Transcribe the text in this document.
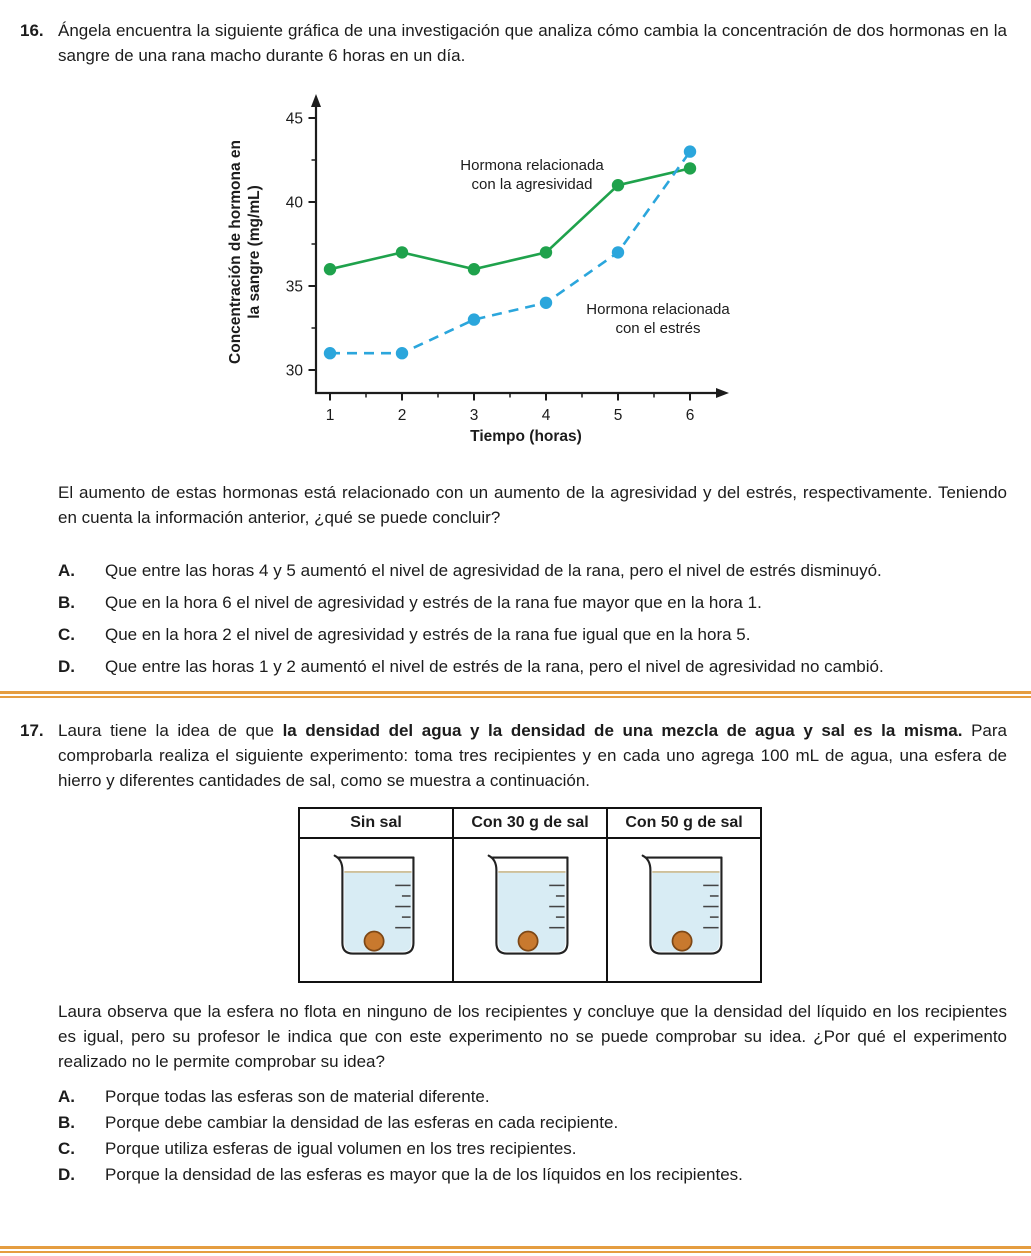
16. Ángela encuentra la siguiente gráfica de una investigación que analiza cómo cambia la concentración de dos hormonas en la sangre de una rana macho durante 6 horas en un día.

30
35
40
45
1	2	3	4	5	6
Hormona relacionada con la agresividad
Hormona relacionada con el estrés
Tiempo (horas)
Concentración de hormona en la sangre (mg/mL)

El aumento de estas hormonas está relacionado con un aumento de la agresividad y del estrés, respectivamente. Teniendo en cuenta la información anterior, ¿qué se puede concluir?

A.	Que entre las horas 4 y 5 aumentó el nivel de agresividad de la rana, pero el nivel de estrés disminuyó.
B.	Que en la hora 6 el nivel de agresividad y estrés de la rana fue mayor que en la hora 1.
C.	Que en la hora 2 el nivel de agresividad y estrés de la rana fue igual que en la hora 5.
D.	Que entre las horas 1 y 2 aumentó el nivel de estrés de la rana, pero el nivel de agresividad no cambió.
17. Laura tiene la idea de que la densidad del agua y la densidad de una mezcla de agua y sal es la misma. Para comprobarla realiza el siguiente experimento: toma tres recipientes y en cada uno agrega 100 mL de agua, una esfera de hierro y diferentes cantidades de sal, como se muestra a continuación.

Sin sal	Con 30 g de sal	Con 50 g de sal

Laura observa que la esfera no flota en ninguno de los recipientes y concluye que la densidad del líquido en los recipientes es igual, pero su profesor le indica que con este experimento no se puede comprobar su idea. ¿Por qué el experimento realizado no le permite comprobar su idea?

A.	Porque todas las esferas son de material diferente.
B.	Porque debe cambiar la densidad de las esferas en cada recipiente.
C.	Porque utiliza esferas de igual volumen en los tres recipientes.
D.	Porque la densidad de las esferas es mayor que la de los líquidos en los recipientes.
